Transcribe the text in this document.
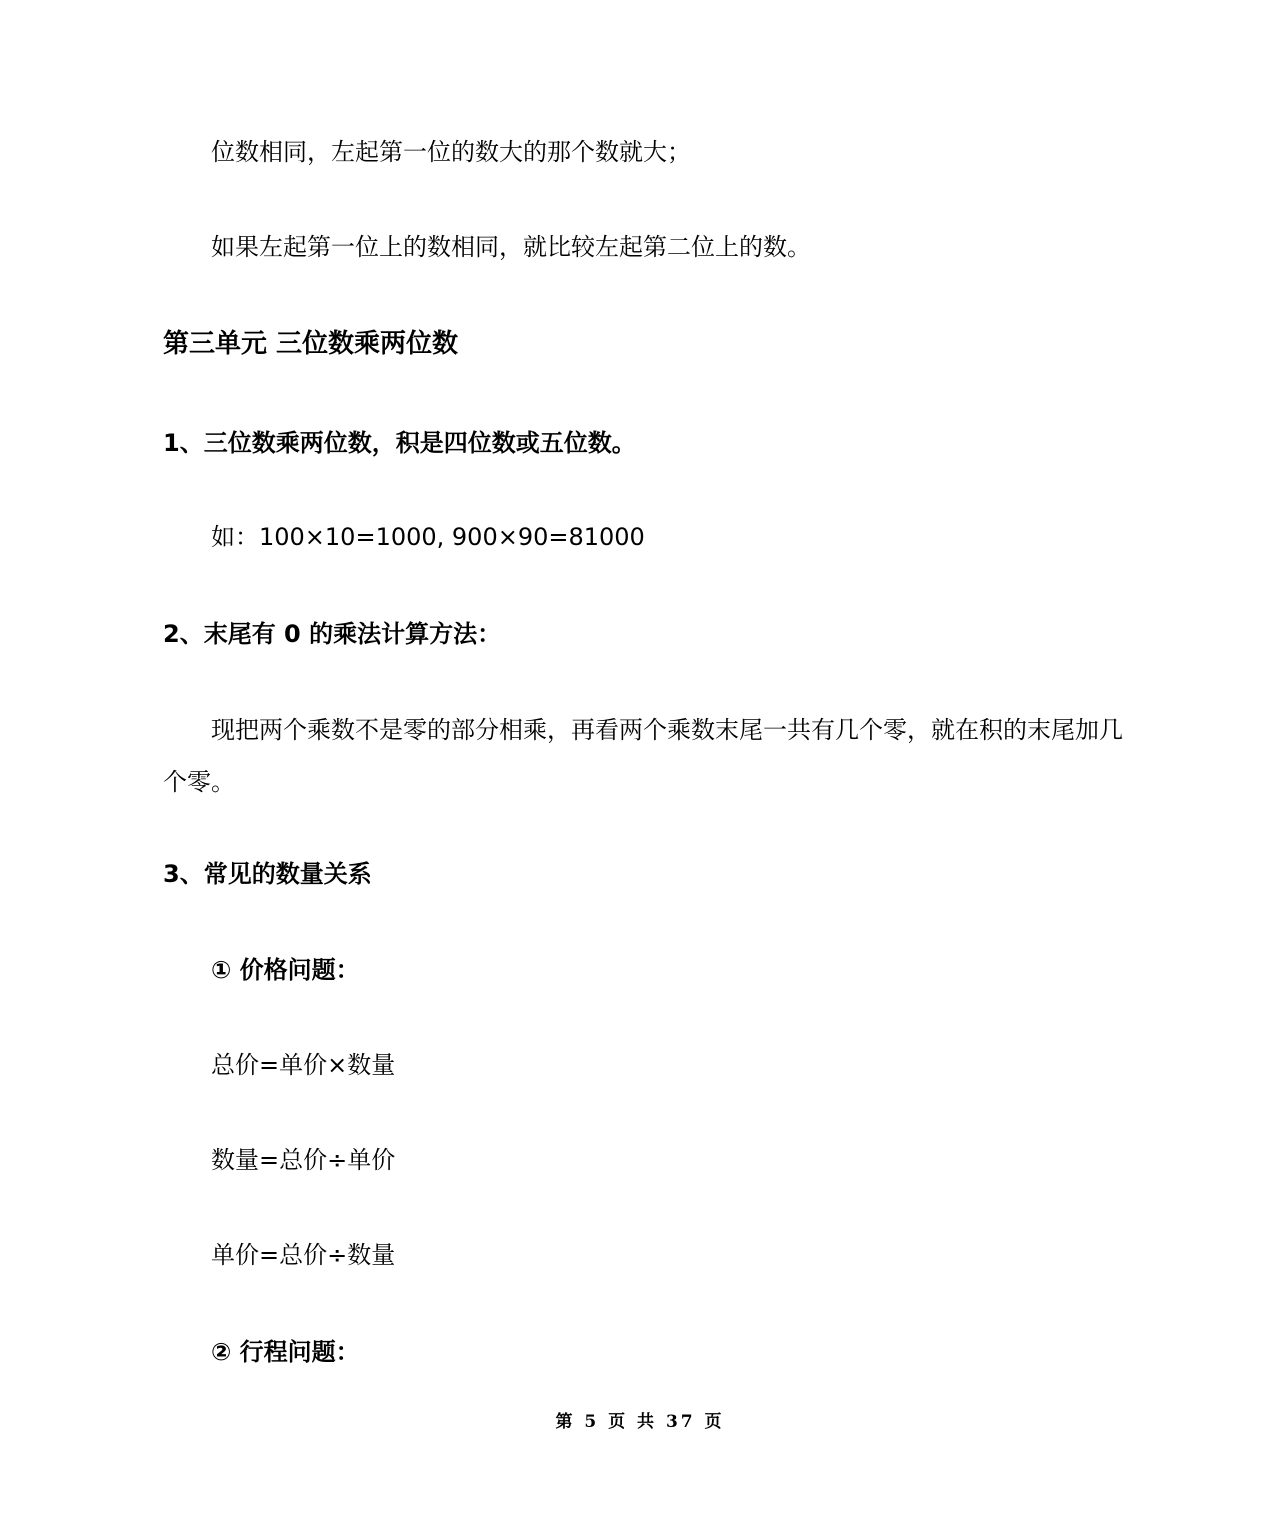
位数相同，左起第一位的数大的那个数就大；
如果左起第一位上的数相同，就比较左起第二位上的数。
第三单元 三位数乘两位数
1、三位数乘两位数，积是四位数或五位数。
如：100×10=1000, 900×90=81000
2、末尾有 0 的乘法计算方法：
现把两个乘数不是零的部分相乘，再看两个乘数末尾一共有几个零，就在积的末尾加几个零。
3、常见的数量关系
① 价格问题：
总价=单价×数量
数量=总价÷单价
单价=总价÷数量
② 行程问题：
第 5 页 共 37 页
